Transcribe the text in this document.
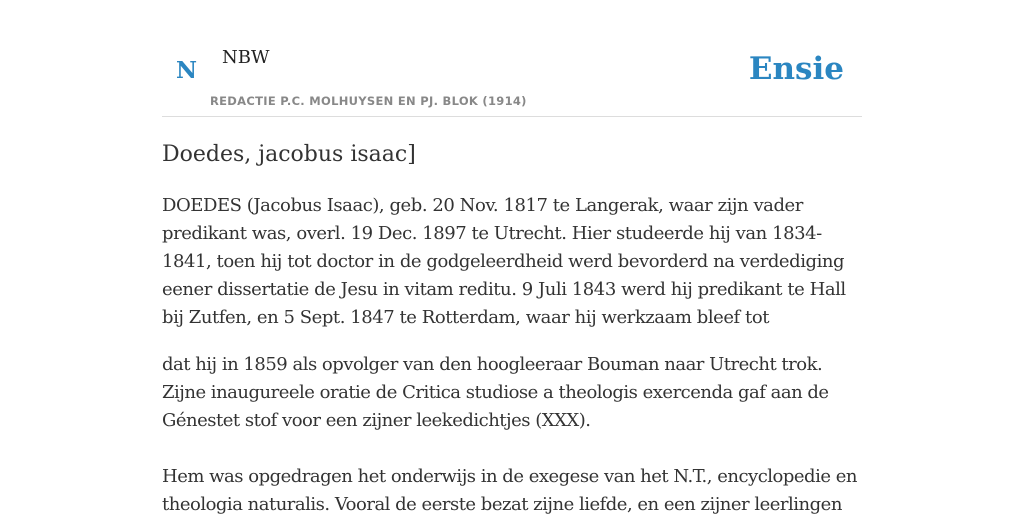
N NBW
REDACTIE P.C. MOLHUYSEN EN PJ. BLOK (1914)
Ensie
Doedes, jacobus isaac]

DOEDES (Jacobus Isaac), geb. 20 Nov. 1817 te Langerak, waar zijn vader predikant was, overl. 19 Dec. 1897 te Utrecht. Hier studeerde hij van 1834-1841, toen hij tot doctor in de godgeleerdheid werd bevorderd na verdediging eener dissertatie de Jesu in vitam reditu. 9 Juli 1843 werd hij predikant te Hall bij Zutfen, en 5 Sept. 1847 te Rotterdam, waar hij werkzaam bleef tot

dat hij in 1859 als opvolger van den hoogleeraar Bouman naar Utrecht trok. Zijne inaugureele oratie de Critica studiose a theologis exercenda gaf aan de Génestet stof voor een zijner leekedichtjes (XXX).

Hem was opgedragen het onderwijs in de exegese van het N.T., encyclopedie en theologia naturalis. Vooral de eerste bezat zijne liefde, en een zijner leerlingen
